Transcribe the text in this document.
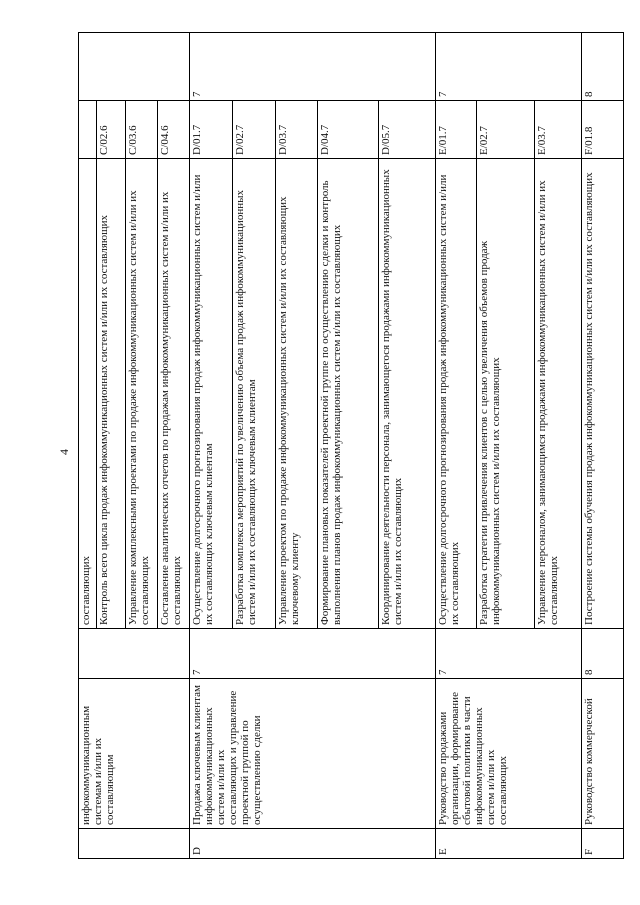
4
	инфокоммуникационным системам и/или их составляющим		составляющих		
			Контроль всего цикла продаж инфокоммуникационных систем и/или их составляющих	C/02.6	
			Управление комплексными проектами по продаже инфокоммуникационных систем и/или их составляющих	C/03.6	
			Составление аналитических отчетов по продажам инфокоммуникационных систем и/или их составляющих	C/04.6	
D	Продажа ключевым клиентам инфокоммуникационных систем и/или их составляющих и управление проектной группой по осуществлению сделки	7	Осуществление долгосрочного прогнозирования продаж инфокоммуникационных систем и/или их составляющих ключевым клиентам	D/01.7	7
			Разработка комплекса мероприятий по увеличению объема продаж инфокоммуникационных систем и/или их составляющих ключевым клиентам	D/02.7	
			Управление проектом по продаже инфокоммуникационных систем и/или их составляющих ключевому клиенту	D/03.7	
			Формирование плановых показателей проектной группе по осуществлению сделки и контроль выполнения планов продаж инфокоммуникационных систем и/или их составляющих	D/04.7	
			Координирование деятельности персонала, занимающегося продажами инфокоммуникационных систем и/или их составляющих	D/05.7	
E	Руководство продажами организации, формирование сбытовой политики в части инфокоммуникационных систем и/или их составляющих	7	Осуществление долгосрочного прогнозирования продаж инфокоммуникационных систем и/или их составляющих	E/01.7	7
			Разработка стратегии привлечения клиентов с целью увеличения объемов продаж инфокоммуникационных систем и/или их составляющих	E/02.7	
			Управление персоналом, занимающимся продажами инфокоммуникационных систем и/или их составляющих	E/03.7	
F	Руководство коммерческой	8	Построение системы обучения продаж инфокоммуникационных систем и/или их составляющих	F/01.8	8
